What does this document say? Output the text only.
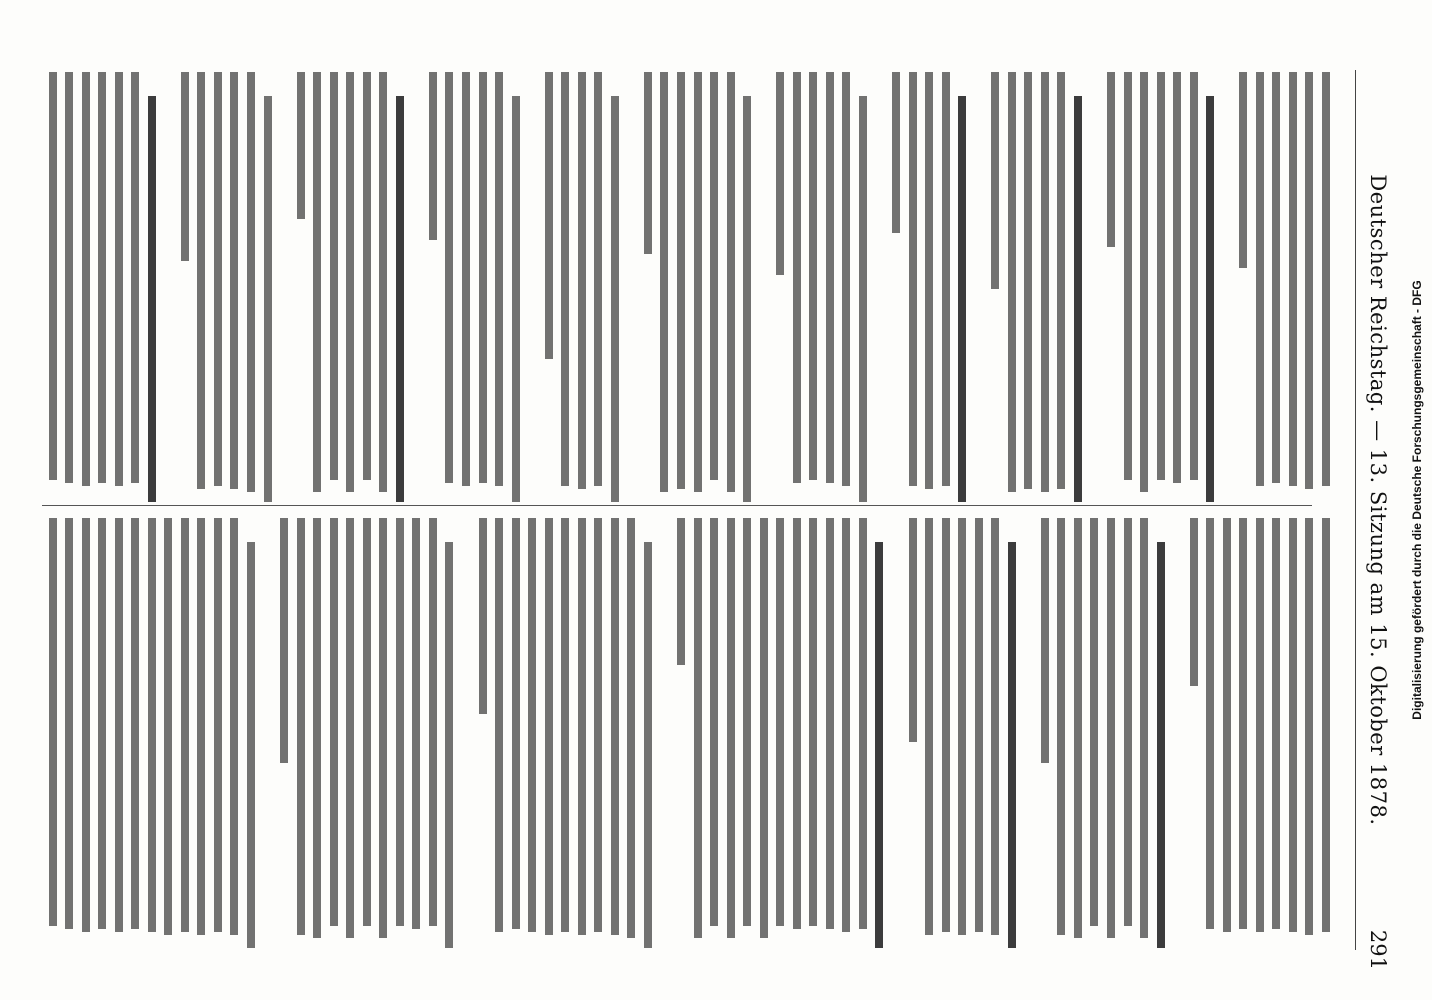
Deutscher Reichstag. — 13. Sitzung am 15. Oktober 1878.
291
Digitalisierung gefördert durch die Deutsche Forschungsgemeinschaft - DFG
